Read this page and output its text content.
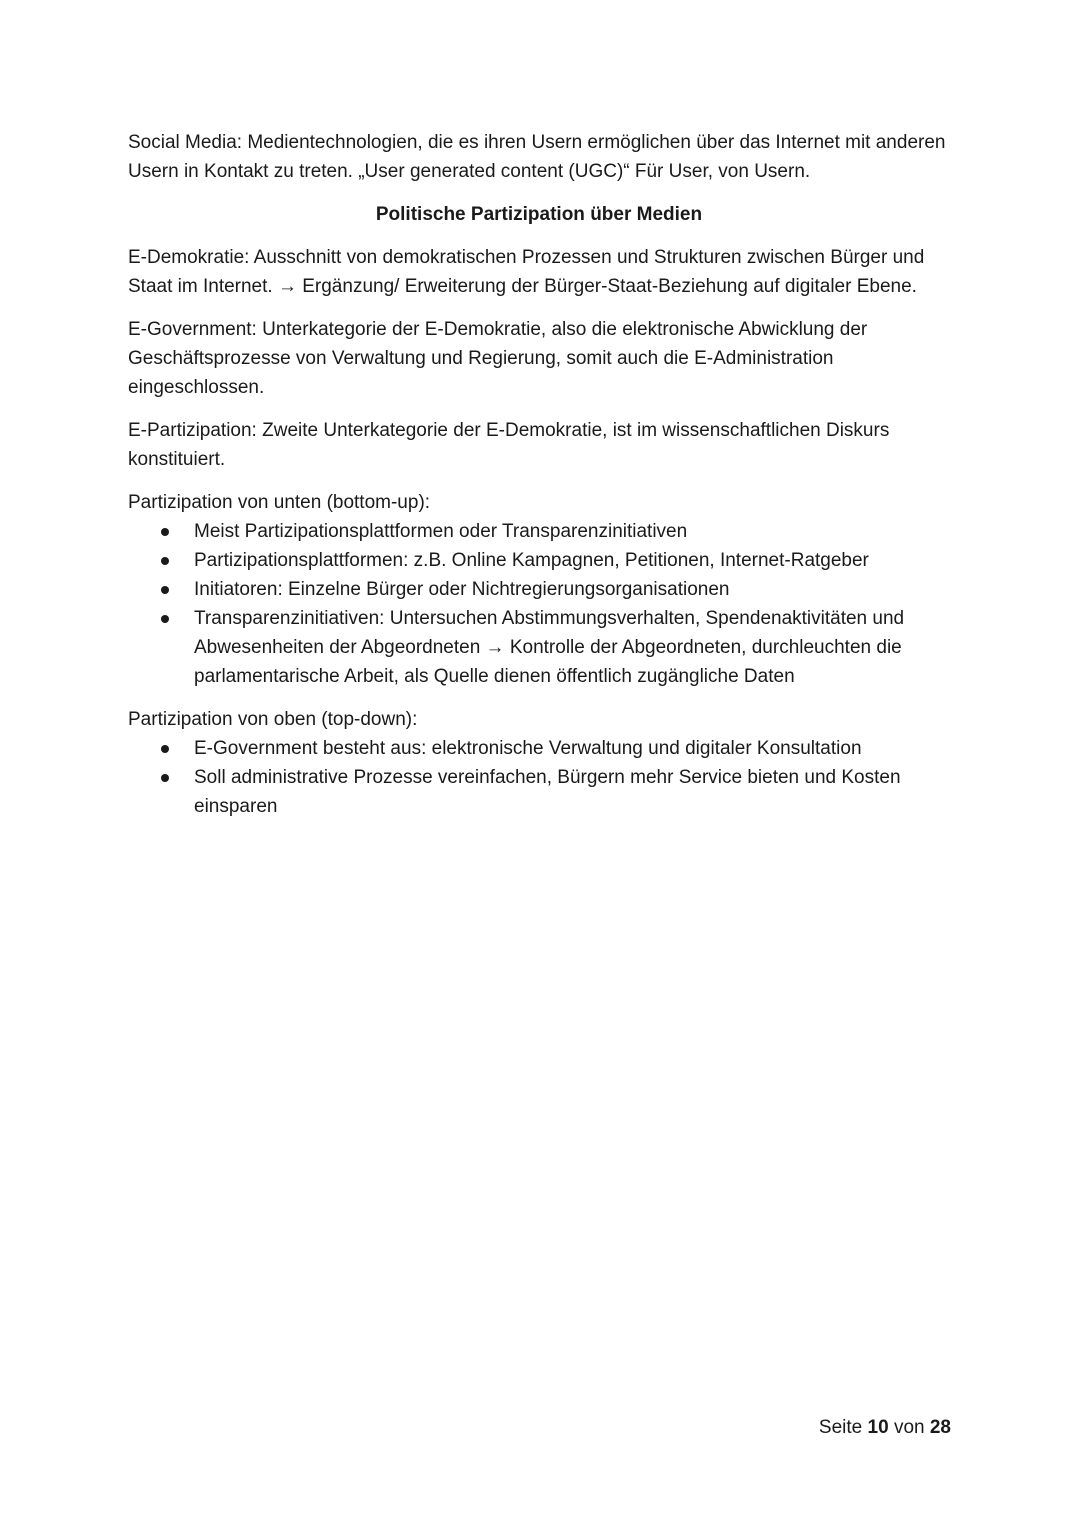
Social Media: Medientechnologien, die es ihren Usern ermöglichen über das Internet mit anderen Usern in Kontakt zu treten. „User generated content (UGC)“ Für User, von Usern.

Politische Partizipation über Medien

E-Demokratie: Ausschnitt von demokratischen Prozessen und Strukturen zwischen Bürger und Staat im Internet. → Ergänzung/ Erweiterung der Bürger-Staat-Beziehung auf digitaler Ebene.

E-Government: Unterkategorie der E-Demokratie, also die elektronische Abwicklung der Geschäftsprozesse von Verwaltung und Regierung, somit auch die E-Administration eingeschlossen.

E-Partizipation: Zweite Unterkategorie der E-Demokratie, ist im wissenschaftlichen Diskurs konstituiert.

Partizipation von unten (bottom-up):

Meist Partizipationsplattformen oder Transparenzinitiativen
Partizipationsplattformen: z.B. Online Kampagnen, Petitionen, Internet-Ratgeber
Initiatoren: Einzelne Bürger oder Nichtregierungsorganisationen
Transparenzinitiativen: Untersuchen Abstimmungsverhalten, Spendenaktivitäten und Abwesenheiten der Abgeordneten → Kontrolle der Abgeordneten, durchleuchten die parlamentarische Arbeit, als Quelle dienen öffentlich zugängliche Daten

Partizipation von oben (top-down):

E-Government besteht aus: elektronische Verwaltung und digitaler Konsultation
Soll administrative Prozesse vereinfachen, Bürgern mehr Service bieten und Kosten einsparen
Seite 10 von 28
